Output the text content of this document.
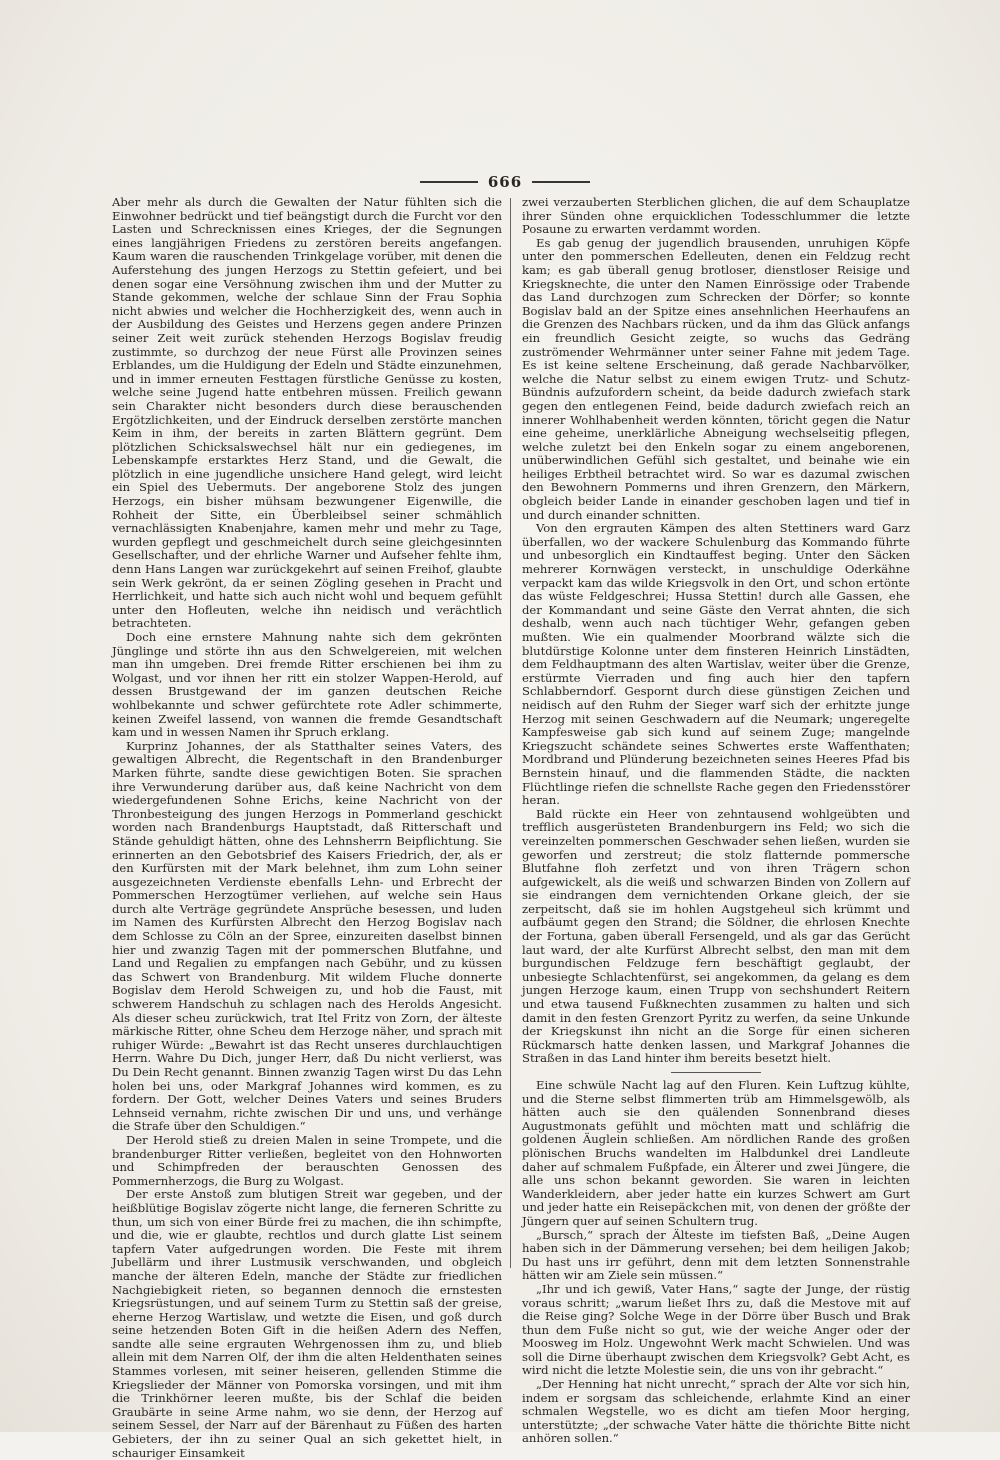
666

Aber mehr als durch die Gewalten der Natur fühlten sich die Einwohner bedrückt und tief beängstigt durch die Furcht vor den Lasten und Schrecknissen eines Krieges, der die Segnungen eines langjährigen Friedens zu zerstören bereits angefangen. Kaum waren die rauschenden Trinkgelage vorüber, mit denen die Auferstehung des jungen Herzogs zu Stettin gefeiert, und bei denen sogar eine Versöhnung zwischen ihm und der Mutter zu Stande gekommen, welche der schlaue Sinn der Frau Sophia nicht abwies und welcher die Hochherzigkeit des, wenn auch in der Ausbildung des Geistes und Herzens gegen andere Prinzen seiner Zeit weit zurück stehenden Herzogs Bogislav freudig zustimmte, so durchzog der neue Fürst alle Provinzen seines Erblandes, um die Huldigung der Edeln und Städte einzunehmen, und in immer erneuten Festtagen fürstliche Genüsse zu kosten, welche seine Jugend hatte entbehren müssen. Freilich gewann sein Charakter nicht besonders durch diese berauschenden Ergötzlichkeiten, und der Eindruck derselben zerstörte manchen Keim in ihm, der bereits in zarten Blättern gegrünt. Dem plötzlichen Schicksalswechsel hält nur ein gediegenes, im Lebenskampfe erstarktes Herz Stand, und die Gewalt, die plötzlich in eine jugendliche unsichere Hand gelegt, wird leicht ein Spiel des Uebermuts. Der angeborene Stolz des jungen Herzogs, ein bisher mühsam bezwungener Eigenwille, die Rohheit der Sitte, ein Überbleibsel seiner schmählich vernachlässigten Knabenjahre, kamen mehr und mehr zu Tage, wurden gepflegt und geschmeichelt durch seine gleichgesinnten Gesellschafter, und der ehrliche Warner und Aufseher fehlte ihm, denn Hans Langen war zurückgekehrt auf seinen Freihof, glaubte sein Werk gekrönt, da er seinen Zögling gesehen in Pracht und Herrlichkeit, und hatte sich auch nicht wohl und bequem gefühlt unter den Hofleuten, welche ihn neidisch und verächtlich betrachteten.

Doch eine ernstere Mahnung nahte sich dem gekrönten Jünglinge und störte ihn aus den Schwelgereien, mit welchen man ihn umgeben. Drei fremde Ritter erschienen bei ihm zu Wolgast, und vor ihnen her ritt ein stolzer Wappen-Herold, auf dessen Brustgewand der im ganzen deutschen Reiche wohlbekannte und schwer gefürchtete rote Adler schimmerte, keinen Zweifel lassend, von wannen die fremde Gesandtschaft kam und in wessen Namen ihr Spruch erklang.

Kurprinz Johannes, der als Statthalter seines Vaters, des gewaltigen Albrecht, die Regentschaft in den Brandenburger Marken führte, sandte diese gewichtigen Boten. Sie sprachen ihre Verwunderung darüber aus, daß keine Nachricht von dem wiedergefundenen Sohne Erichs, keine Nachricht von der Thronbesteigung des jungen Herzogs in Pommerland geschickt worden nach Brandenburgs Hauptstadt, daß Ritterschaft und Stände gehuldigt hätten, ohne des Lehnsherrn Beipflichtung. Sie erinnerten an den Gebotsbrief des Kaisers Friedrich, der, als er den Kurfürsten mit der Mark belehnet, ihm zum Lohn seiner ausgezeichneten Verdienste ebenfalls Lehn- und Erbrecht der Pommerschen Herzogtümer verliehen, auf welche sein Haus durch alte Verträge gegründete Ansprüche besessen, und luden im Namen des Kurfürsten Albrecht den Herzog Bogislav nach dem Schlosse zu Cöln an der Spree, einzureiten daselbst binnen hier und zwanzig Tagen mit der pommerschen Blutfahne, und Land und Regalien zu empfangen nach Gebühr, und zu küssen das Schwert von Brandenburg. Mit wildem Fluche donnerte Bogislav dem Herold Schweigen zu, und hob die Faust, mit schwerem Handschuh zu schlagen nach des Herolds Angesicht. Als dieser scheu zurückwich, trat Itel Fritz von Zorn, der älteste märkische Ritter, ohne Scheu dem Herzoge näher, und sprach mit ruhiger Würde: „Bewahrt ist das Recht unseres durchlauchtigen Herrn. Wahre Du Dich, junger Herr, daß Du nicht verlierst, was Du Dein Recht genannt. Binnen zwanzig Tagen wirst Du das Lehn holen bei uns, oder Markgraf Johannes wird kommen, es zu fordern. Der Gott, welcher Deines Vaters und seines Bruders Lehnseid vernahm, richte zwischen Dir und uns, und verhänge die Strafe über den Schuldigen.“

Der Herold stieß zu dreien Malen in seine Trompete, und die brandenburger Ritter verließen, begleitet von den Hohnworten und Schimpfreden der berauschten Genossen des Pommernherzogs, die Burg zu Wolgast.

Der erste Anstoß zum blutigen Streit war gegeben, und der heißblütige Bogislav zögerte nicht lange, die ferneren Schritte zu thun, um sich von einer Bürde frei zu machen, die ihn schimpfte, und die, wie er glaubte, rechtlos und durch glatte List seinem tapfern Vater aufgedrungen worden. Die Feste mit ihrem Jubellärm und ihrer Lustmusik verschwanden, und obgleich manche der älteren Edeln, manche der Städte zur friedlichen Nachgiebigkeit rieten, so begannen dennoch die ernstesten Kriegsrüstungen, und auf seinem Turm zu Stettin saß der greise, eherne Herzog Wartislaw, und wetzte die Eisen, und goß durch seine hetzenden Boten Gift in die heißen Adern des Neffen, sandte alle seine ergrauten Wehrgenossen ihm zu, und blieb allein mit dem Narren Olf, der ihm die alten Heldenthaten seines Stammes vorlesen, mit seiner heiseren, gellenden Stimme die Kriegslieder der Männer von Pomorska vorsingen, und mit ihm die Trinkhörner leeren mußte, bis der Schlaf die beiden Graubärte in seine Arme nahm, wo sie denn, der Herzog auf seinem Sessel, der Narr auf der Bärenhaut zu Füßen des harten Gebieters, der ihn zu seiner Qual an sich gekettet hielt, in schauriger Einsamkeit

zwei verzauberten Sterblichen glichen, die auf dem Schauplatze ihrer Sünden ohne erquicklichen Todesschlummer die letzte Posaune zu erwarten verdammt worden.

Es gab genug der jugendlich brausenden, unruhigen Köpfe unter den pommerschen Edelleuten, denen ein Feldzug recht kam; es gab überall genug brotloser, dienstloser Reisige und Kriegsknechte, die unter den Namen Einrössige oder Trabende das Land durchzogen zum Schrecken der Dörfer; so konnte Bogislav bald an der Spitze eines ansehnlichen Heerhaufens an die Grenzen des Nachbars rücken, und da ihm das Glück anfangs ein freundlich Gesicht zeigte, so wuchs das Gedräng zuströmender Wehrmänner unter seiner Fahne mit jedem Tage. Es ist keine seltene Erscheinung, daß gerade Nachbarvölker, welche die Natur selbst zu einem ewigen Trutz- und Schutz-Bündnis aufzufordern scheint, da beide dadurch zwiefach stark gegen den entlegenen Feind, beide dadurch zwiefach reich an innerer Wohlhabenheit werden könnten, töricht gegen die Natur eine geheime, unerklärliche Abneigung wechselseitig pflegen, welche zuletzt bei den Enkeln sogar zu einem angeborenen, unüberwindlichen Gefühl sich gestaltet, und beinahe wie ein heiliges Erbtheil betrachtet wird. So war es dazumal zwischen den Bewohnern Pommerns und ihren Grenzern, den Märkern, obgleich beider Lande in einander geschoben lagen und tief in und durch einander schnitten.

Von den ergrauten Kämpen des alten Stettiners ward Garz überfallen, wo der wackere Schulenburg das Kommando führte und unbesorglich ein Kindtauffest beging. Unter den Säcken mehrerer Kornwägen versteckt, in unschuldige Oderkähne verpackt kam das wilde Kriegsvolk in den Ort, und schon ertönte das wüste Feldgeschrei; Hussa Stettin! durch alle Gassen, ehe der Kommandant und seine Gäste den Verrat ahnten, die sich deshalb, wenn auch nach tüchtiger Wehr, gefangen geben mußten. Wie ein qualmender Moorbrand wälzte sich die blutdürstige Kolonne unter dem finsteren Heinrich Linstädten, dem Feldhauptmann des alten Wartislav, weiter über die Grenze, erstürmte Vierraden und fing auch hier den tapfern Schlabberndorf. Gespornt durch diese günstigen Zeichen und neidisch auf den Ruhm der Sieger warf sich der erhitzte junge Herzog mit seinen Geschwadern auf die Neumark; ungeregelte Kampfesweise gab sich kund auf seinem Zuge; mangelnde Kriegszucht schändete seines Schwertes erste Waffenthaten; Mordbrand und Plünderung bezeichneten seines Heeres Pfad bis Bernstein hinauf, und die flammenden Städte, die nackten Flüchtlinge riefen die schnellste Rache gegen den Friedensstörer heran.

Bald rückte ein Heer von zehntausend wohlgeübten und trefflich ausgerüsteten Brandenburgern ins Feld; wo sich die vereinzelten pommerschen Geschwader sehen ließen, wurden sie geworfen und zerstreut; die stolz flatternde pommersche Blutfahne floh zerfetzt und von ihren Trägern schon aufgewickelt, als die weiß und schwarzen Binden von Zollern auf sie eindrangen dem vernichtenden Orkane gleich, der sie zerpeitscht, daß sie im hohlen Augstgeheul sich krümmt und aufbäumt gegen den Strand; die Söldner, die ehrlosen Knechte der Fortuna, gaben überall Fersengeld, und als gar das Gerücht laut ward, der alte Kurfürst Albrecht selbst, den man mit dem burgundischen Feldzuge fern beschäftigt geglaubt, der unbesiegte Schlachtenfürst, sei angekommen, da gelang es dem jungen Herzoge kaum, einen Trupp von sechshundert Reitern und etwa tausend Fußknechten zusammen zu halten und sich damit in den festen Grenzort Pyritz zu werfen, da seine Unkunde der Kriegskunst ihn nicht an die Sorge für einen sicheren Rückmarsch hatte denken lassen, und Markgraf Johannes die Straßen in das Land hinter ihm bereits besetzt hielt.

Eine schwüle Nacht lag auf den Fluren. Kein Luftzug kühlte, und die Sterne selbst flimmerten trüb am Himmelsgewölb, als hätten auch sie den quälenden Sonnenbrand dieses Augustmonats gefühlt und möchten matt und schläfrig die goldenen Äuglein schließen. Am nördlichen Rande des großen plönischen Bruchs wandelten im Halbdunkel drei Landleute daher auf schmalem Fußpfade, ein Älterer und zwei Jüngere, die alle uns schon bekannt geworden. Sie waren in leichten Wanderkleidern, aber jeder hatte ein kurzes Schwert am Gurt und jeder hatte ein Reisepäckchen mit, von denen der größte der Jüngern quer auf seinen Schultern trug.

„Bursch,“ sprach der Älteste im tiefsten Baß, „Deine Augen haben sich in der Dämmerung versehen; bei dem heiligen Jakob; Du hast uns irr geführt, denn mit dem letzten Sonnenstrahle hätten wir am Ziele sein müssen.“

„Ihr und ich gewiß, Vater Hans,“ sagte der Junge, der rüstig voraus schritt; „warum ließet Ihrs zu, daß die Mestove mit auf die Reise ging? Solche Wege in der Dörre über Busch und Brak thun dem Fuße nicht so gut, wie der weiche Anger oder der Moosweg im Holz. Ungewohnt Werk macht Schwielen. Und was soll die Dirne überhaupt zwischen dem Kriegsvolk? Gebt Acht, es wird nicht die letzte Molestie sein, die uns von ihr gebracht.“

„Der Henning hat nicht unrecht,“ sprach der Alte vor sich hin, indem er sorgsam das schleichende, erlahmte Kind an einer schmalen Wegstelle, wo es dicht am tiefen Moor herging, unterstützte; „der schwache Vater hätte die thörichte Bitte nicht anhören sollen.“
